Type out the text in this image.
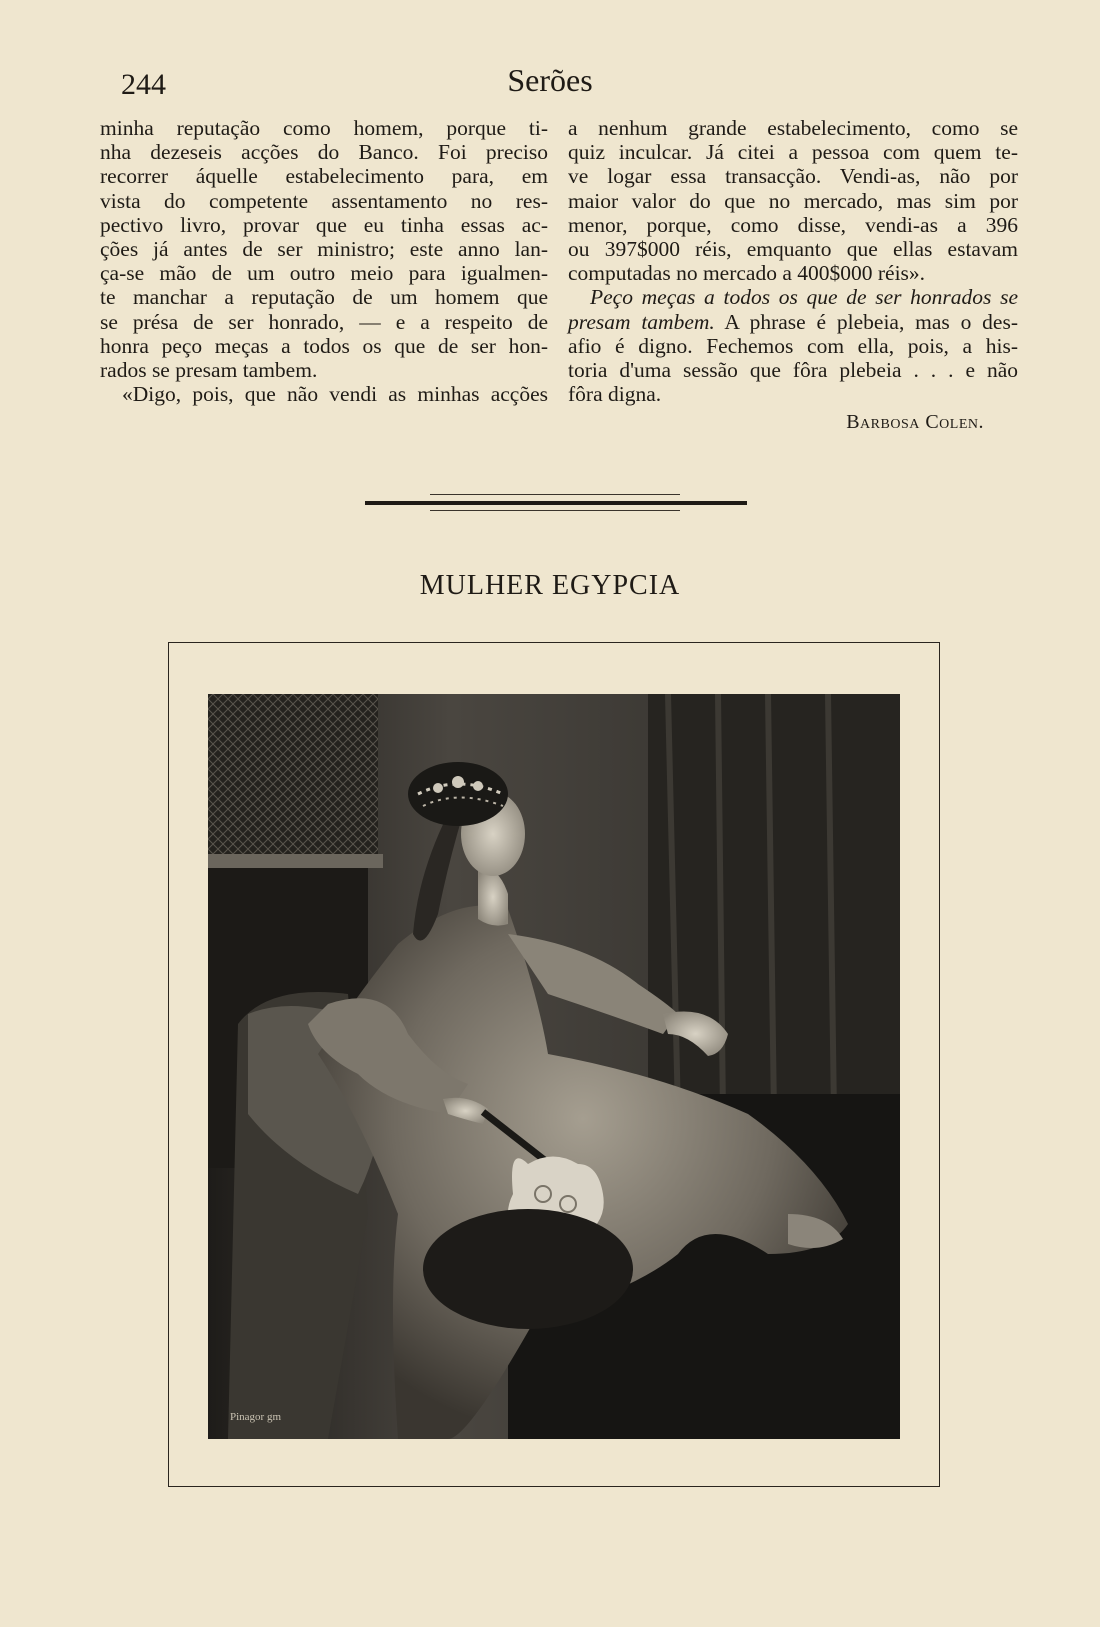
244	Serões
minha reputação como homem, porque ti-
nha dezeseis acções do Banco. Foi preciso
recorrer áquelle estabelecimento para, em
vista do competente assentamento no res-
pectivo livro, provar que eu tinha essas ac-
ções já antes de ser ministro; este anno lan-
ça-se mão de um outro meio para igualmen-
te manchar a reputação de um homem que
se présa de ser honrado, — e a respeito de
honra peço meças a todos os que de ser hon-
rados se presam tambem.
«Digo, pois, que não vendi as minhas acções
a nenhum grande estabelecimento, como se
quiz inculcar. Já citei a pessoa com quem te-
ve logar essa transacção. Vendi-as, não por
maior valor do que no mercado, mas sim por
menor, porque, como disse, vendi-as a 396
ou 397$000 réis, emquanto que ellas estavam
computadas no mercado a 400$000 réis».
Peço meças a todos os que de ser honrados se
presam tambem. A phrase é plebeia, mas o des-
afio é digno. Fechemos com ella, pois, a his-
toria d'uma sessão que fôra plebeia . . . e não
fôra digna.
Barbosa Colen.
MULHER EGYPCIA
Pinagor gm
